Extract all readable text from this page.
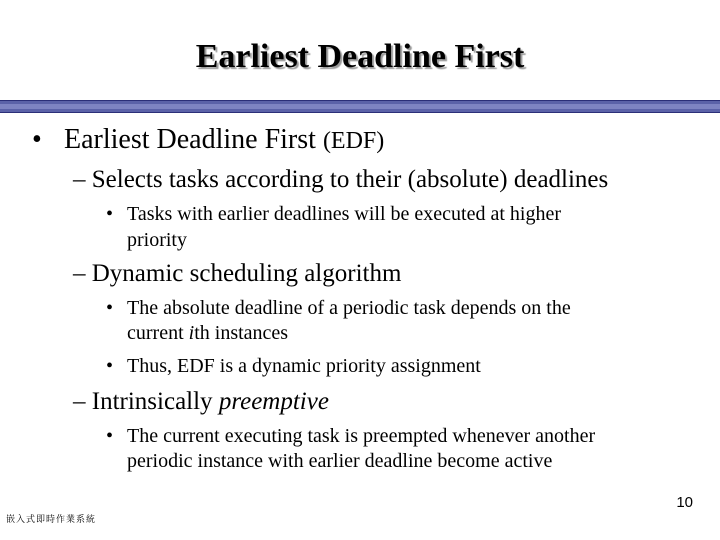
Earliest Deadline First
• Earliest Deadline First (EDF)
– Selects tasks according to their (absolute) deadlines
• Tasks with earlier deadlines will be executed at higher
priority
– Dynamic scheduling algorithm
• The absolute deadline of a periodic task depends on the
current ith instances
• Thus, EDF is a dynamic priority assignment
– Intrinsically preemptive
• The current executing task is preempted whenever another
periodic instance with earlier deadline become active
10
嵌入式即時作業系統
